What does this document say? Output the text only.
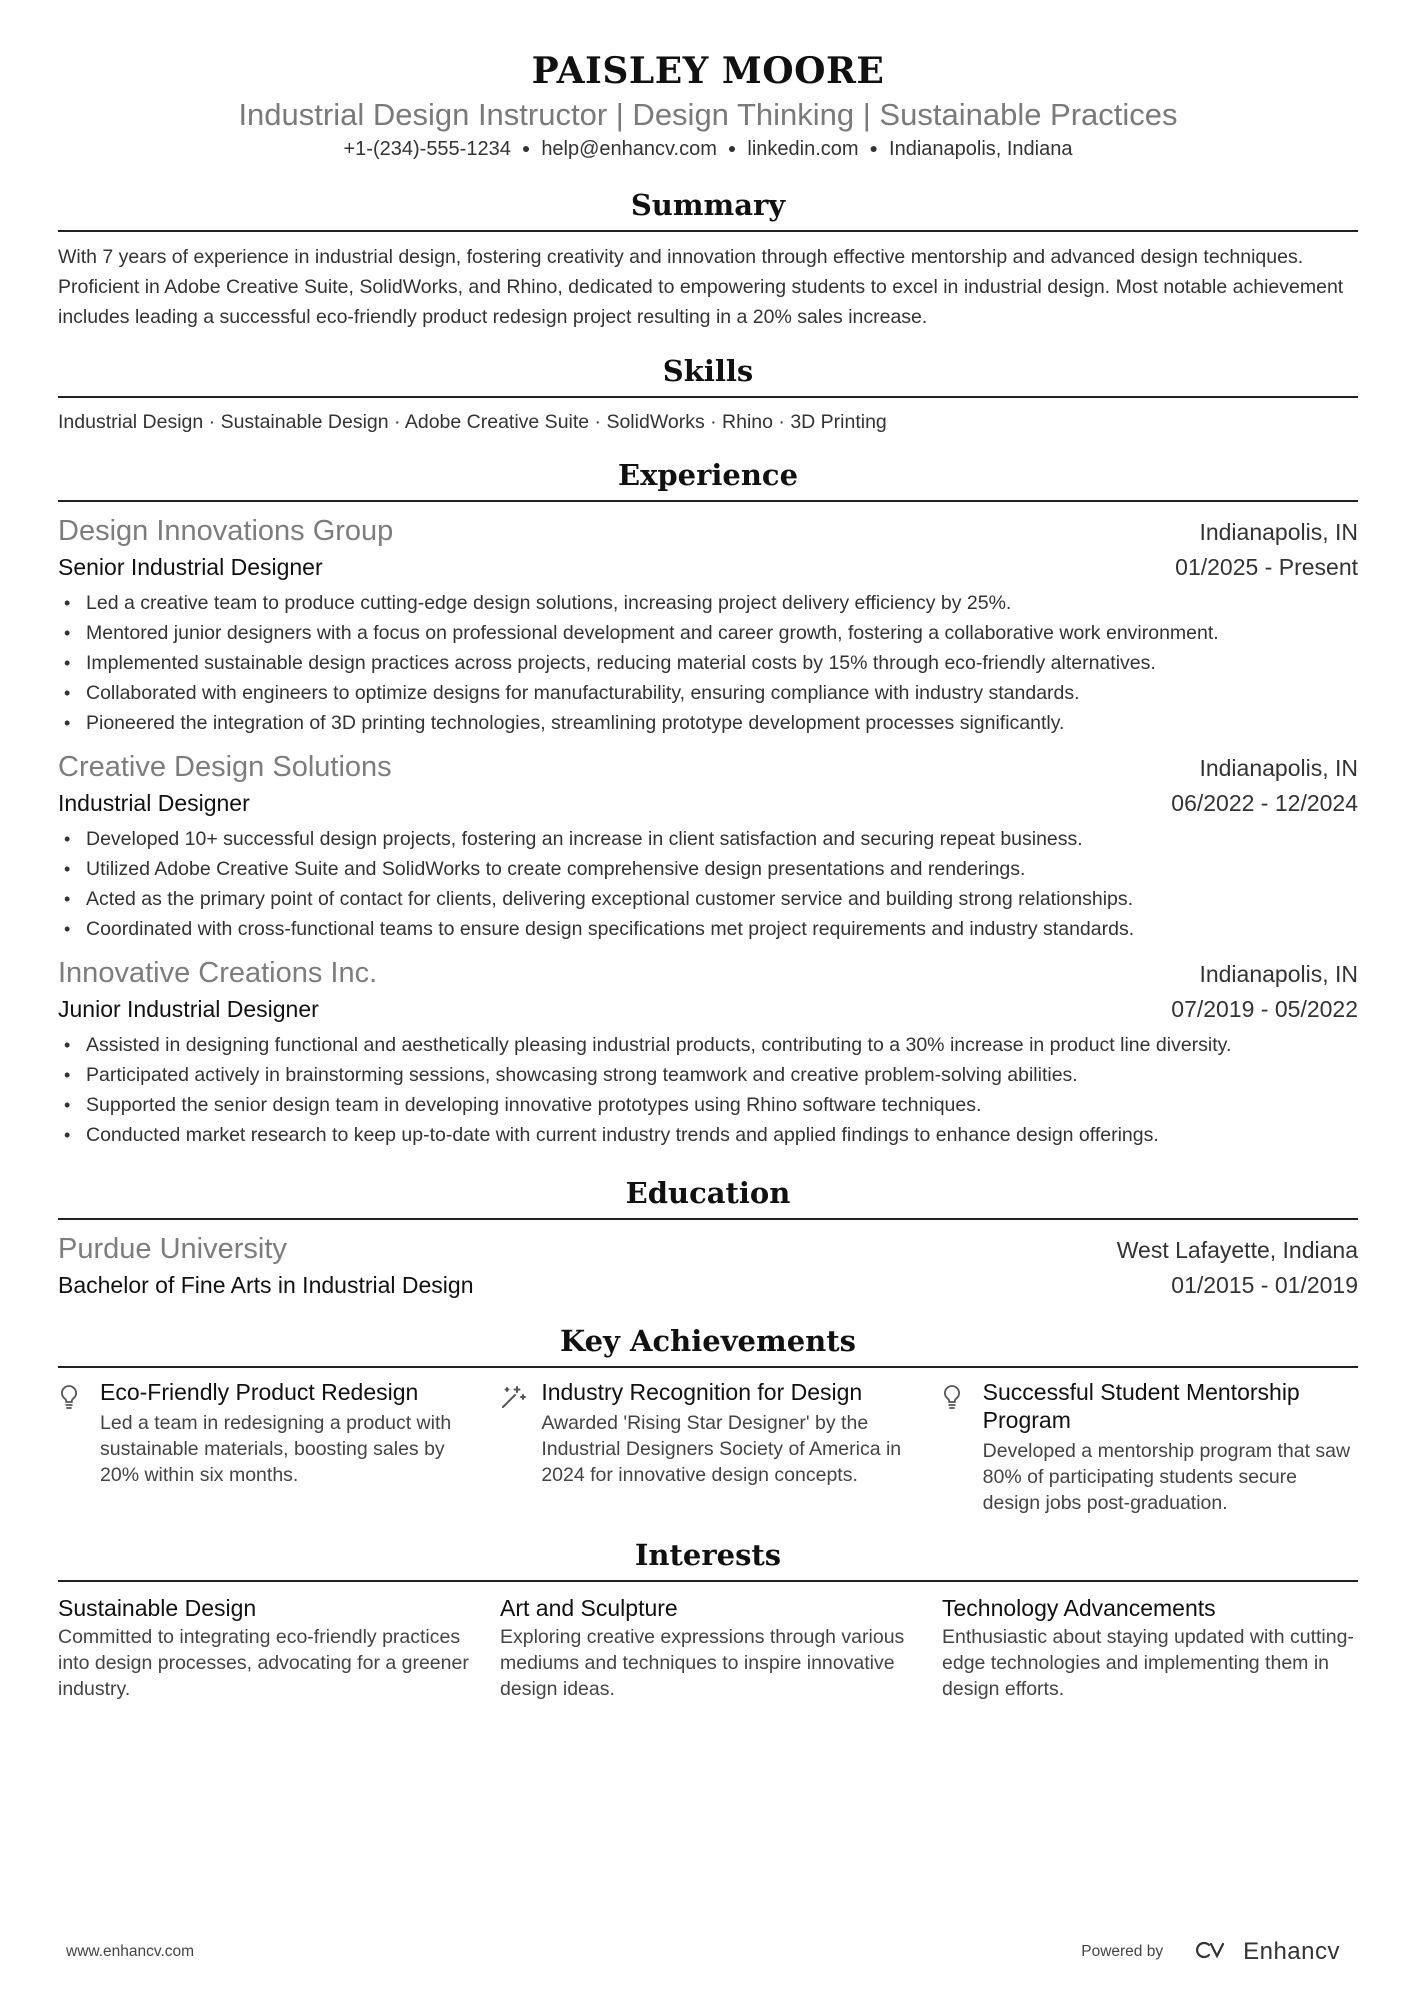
PAISLEY MOORE
Industrial Design Instructor | Design Thinking | Sustainable Practices
+1-(234)-555-1234 ● help@enhancv.com ● linkedin.com ● Indianapolis, Indiana
Summary
With 7 years of experience in industrial design, fostering creativity and innovation through effective mentorship and advanced design techniques. Proficient in Adobe Creative Suite, SolidWorks, and Rhino, dedicated to empowering students to excel in industrial design. Most notable achievement includes leading a successful eco-friendly product redesign project resulting in a 20% sales increase.
Skills
Industrial Design · Sustainable Design · Adobe Creative Suite · SolidWorks · Rhino · 3D Printing
Experience
Design Innovations Group	Indianapolis, IN
Senior Industrial Designer	01/2025 - Present
• Led a creative team to produce cutting-edge design solutions, increasing project delivery efficiency by 25%.
• Mentored junior designers with a focus on professional development and career growth, fostering a collaborative work environment.
• Implemented sustainable design practices across projects, reducing material costs by 15% through eco-friendly alternatives.
• Collaborated with engineers to optimize designs for manufacturability, ensuring compliance with industry standards.
• Pioneered the integration of 3D printing technologies, streamlining prototype development processes significantly.
Creative Design Solutions	Indianapolis, IN
Industrial Designer	06/2022 - 12/2024
• Developed 10+ successful design projects, fostering an increase in client satisfaction and securing repeat business.
• Utilized Adobe Creative Suite and SolidWorks to create comprehensive design presentations and renderings.
• Acted as the primary point of contact for clients, delivering exceptional customer service and building strong relationships.
• Coordinated with cross-functional teams to ensure design specifications met project requirements and industry standards.
Innovative Creations Inc.	Indianapolis, IN
Junior Industrial Designer	07/2019 - 05/2022
• Assisted in designing functional and aesthetically pleasing industrial products, contributing to a 30% increase in product line diversity.
• Participated actively in brainstorming sessions, showcasing strong teamwork and creative problem-solving abilities.
• Supported the senior design team in developing innovative prototypes using Rhino software techniques.
• Conducted market research to keep up-to-date with current industry trends and applied findings to enhance design offerings.
Education
Purdue University	West Lafayette, Indiana
Bachelor of Fine Arts in Industrial Design	01/2015 - 01/2019
Key Achievements
Eco-Friendly Product Redesign
Led a team in redesigning a product with sustainable materials, boosting sales by 20% within six months.
Industry Recognition for Design
Awarded 'Rising Star Designer' by the Industrial Designers Society of America in 2024 for innovative design concepts.
Successful Student Mentorship Program
Developed a mentorship program that saw 80% of participating students secure design jobs post-graduation.
Interests
Sustainable Design
Committed to integrating eco-friendly practices into design processes, advocating for a greener industry.
Art and Sculpture
Exploring creative expressions through various mediums and techniques to inspire innovative design ideas.
Technology Advancements
Enthusiastic about staying updated with cutting-edge technologies and implementing them in design efforts.
www.enhancv.com	Powered by	Enhancv
